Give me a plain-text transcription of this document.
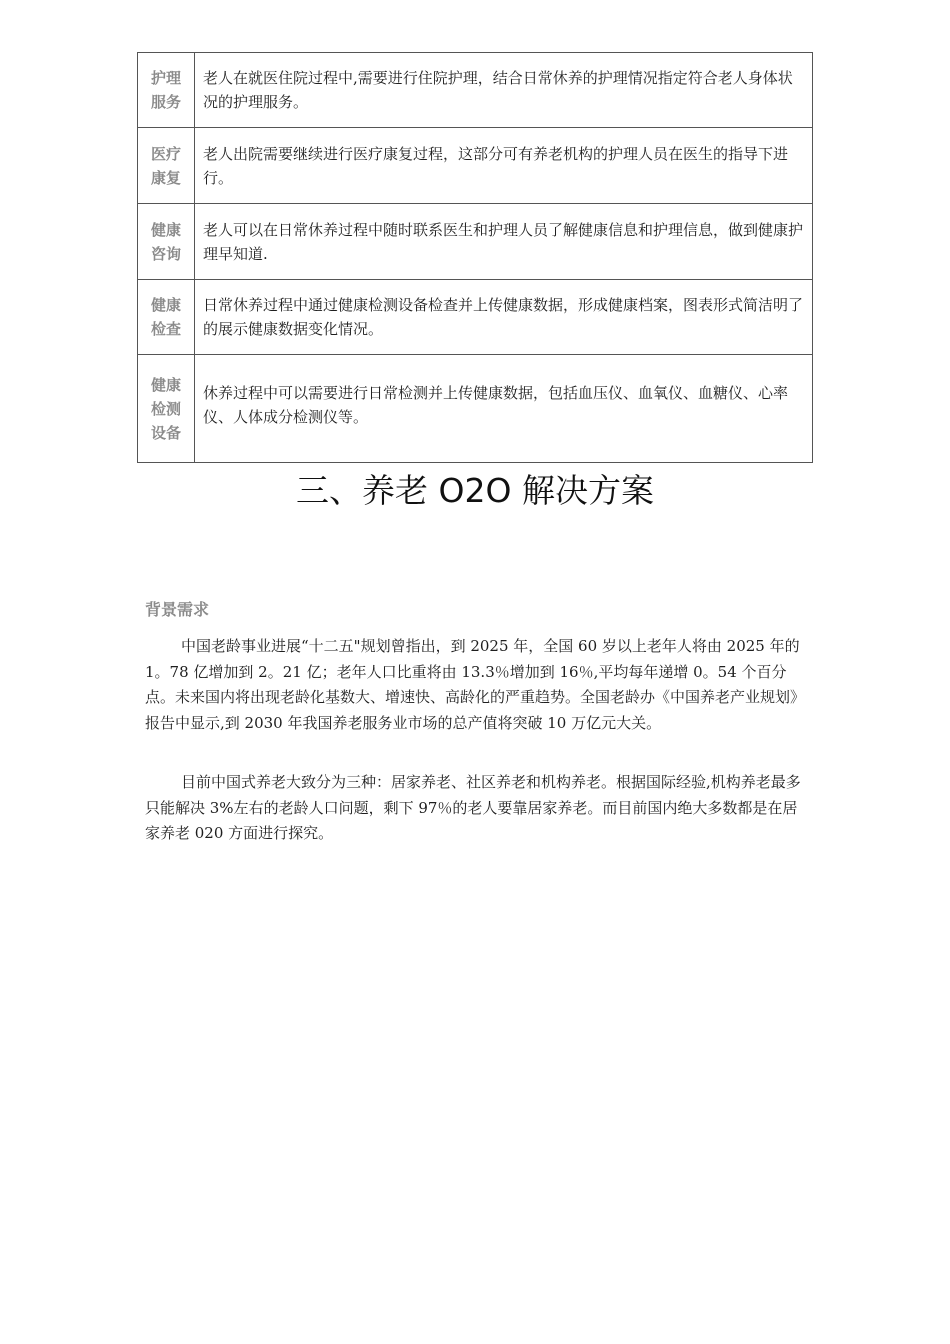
护理
服务	老人在就医住院过程中,需要进行住院护理，结合日常休养的护理情况指定符合老人身体状况的护理服务。

医疗
康复	老人出院需要继续进行医疗康复过程，这部分可有养老机构的护理人员在医生的指导下进行。

健康
咨询	老人可以在日常休养过程中随时联系医生和护理人员了解健康信息和护理信息，做到健康护理早知道.

健康
检查	日常休养过程中通过健康检测设备检查并上传健康数据，形成健康档案，图表形式简洁明了的展示健康数据变化情况。

健康
检测
设备	休养过程中可以需要进行日常检测并上传健康数据，包括血压仪、血氧仪、血糖仪、心率仪、人体成分检测仪等。
三、养老 O2O 解决方案
背景需求

中国老龄事业进展“十二五"规划曾指出，到 2025 年，全国 60 岁以上老年人将由 2025 年的 1。78 亿增加到 2。21 亿；老年人口比重将由 13.3％增加到 16％,平均每年递增 0。54 个百分点。未来国内将出现老龄化基数大、增速快、高龄化的严重趋势。全国老龄办《中国养老产业规划》报告中显示,到 2030 年我国养老服务业市场的总产值将突破 10 万亿元大关。

目前中国式养老大致分为三种：居家养老、社区养老和机构养老。根据国际经验,机构养老最多只能解决 3%左右的老龄人口问题，剩下 97％的老人要靠居家养老。而目前国内绝大多数都是在居家养老 020 方面进行探究。
